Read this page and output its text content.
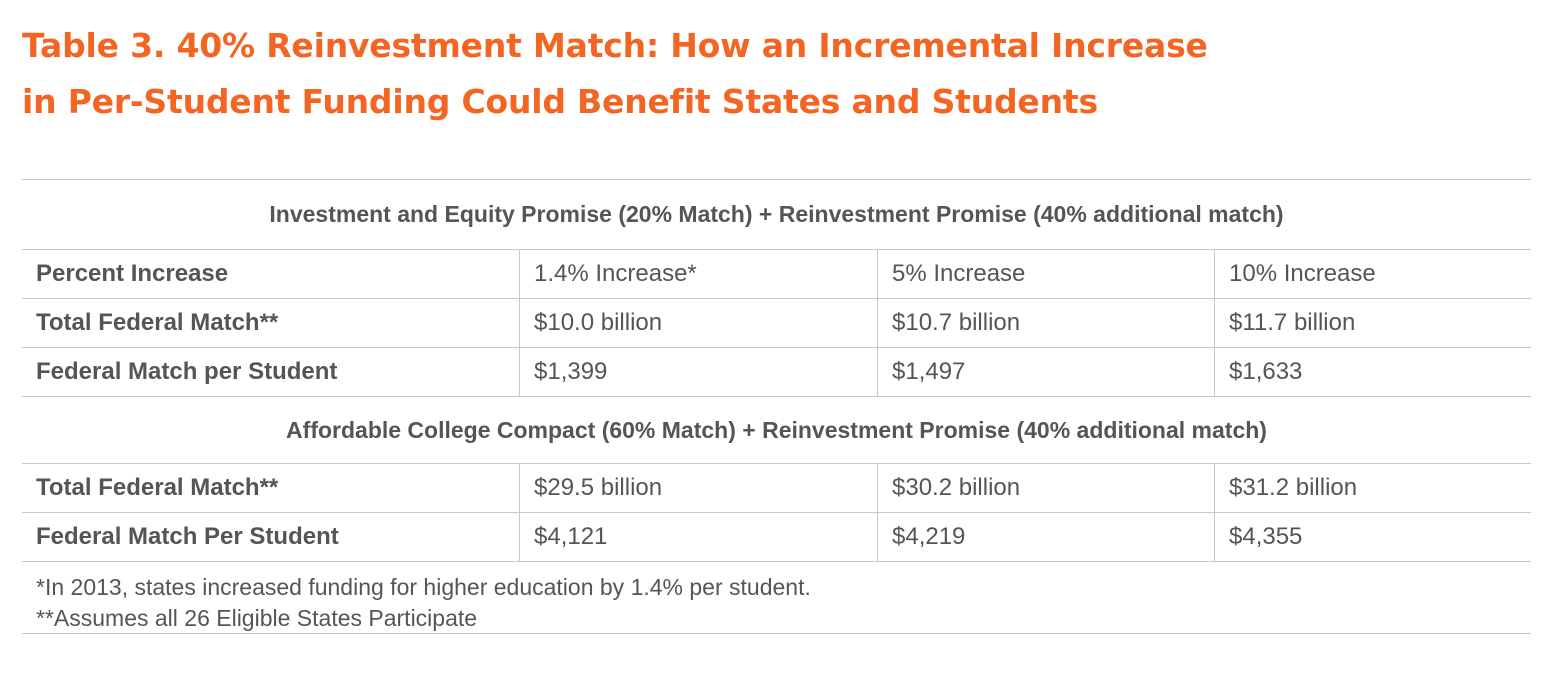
Table 3. 40% Reinvestment Match: How an Incremental Increase
in Per-Student Funding Could Benefit States and Students
Investment and Equity Promise (20% Match) + Reinvestment Promise (40% additional match)
Percent Increase	1.4% Increase*	5% Increase	10% Increase
Total Federal Match**	$10.0 billion	$10.7 billion	$11.7 billion
Federal Match per Student	$1,399	$1,497	$1,633
Affordable College Compact (60% Match) + Reinvestment Promise (40% additional match)
Total Federal Match**	$29.5 billion	$30.2 billion	$31.2 billion
Federal Match Per Student	$4,121	$4,219	$4,355
*In 2013, states increased funding for higher education by 1.4% per student.
**Assumes all 26 Eligible States Participate
